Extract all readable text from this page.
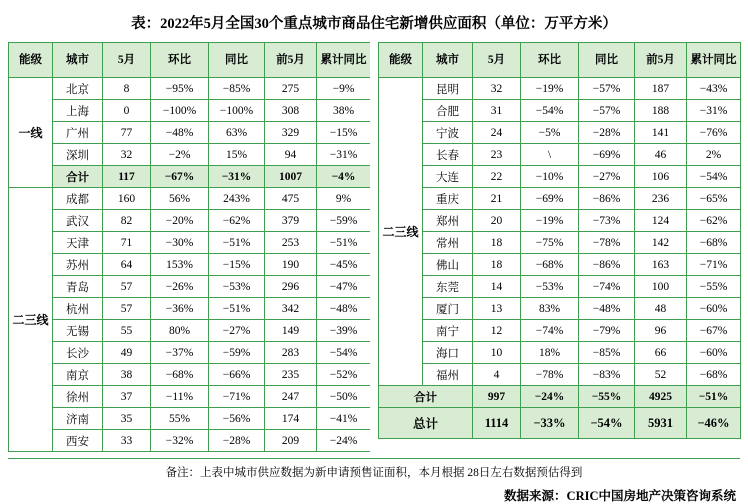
表：2022年5月全国30个重点城市商品住宅新增供应面积（单位：万平方米）
能级	城市	5月	环比	同比	前5月	累计同比
一线	北京	8	−95%	−85%	275	−9%
上海	0	−100%	−100%	308	38%
广州	77	−48%	63%	329	−15%
深圳	32	−2%	15%	94	−31%
合计	117	−67%	−31%	1007	−4%
二三线	成都	160	56%	243%	475	9%
武汉	82	−20%	−62%	379	−59%
天津	71	−30%	−51%	253	−51%
苏州	64	153%	−15%	190	−45%
青岛	57	−26%	−53%	296	−47%
杭州	57	−36%	−51%	342	−48%
无锡	55	80%	−27%	149	−39%
长沙	49	−37%	−59%	283	−54%
南京	38	−68%	−66%	235	−52%
徐州	37	−11%	−71%	247	−50%
济南	35	55%	−56%	174	−41%
西安	33	−32%	−28%	209	−24%

能级	城市	5月	环比	同比	前5月	累计同比
二三线	昆明	32	−19%	−57%	187	−43%
合肥	31	−54%	−57%	188	−31%
宁波	24	−5%	−28%	141	−76%
长春	23	\	−69%	46	2%
大连	22	−10%	−27%	106	−54%
重庆	21	−69%	−86%	236	−65%
郑州	20	−19%	−73%	124	−62%
常州	18	−75%	−78%	142	−68%
佛山	18	−68%	−86%	163	−71%
东莞	14	−53%	−74%	100	−55%
厦门	13	83%	−48%	48	−60%
南宁	12	−74%	−79%	96	−67%
海口	10	18%	−85%	66	−60%
福州	4	−78%	−83%	52	−68%
合计	997	−24%	−55%	4925	−51%
总计	1114	−33%	−54%	5931	−46%
备注：上表中城市供应数据为新申请预售证面积，本月根据 28日左右数据预估得到
数据来源：CRIC中国房地产决策咨询系统
